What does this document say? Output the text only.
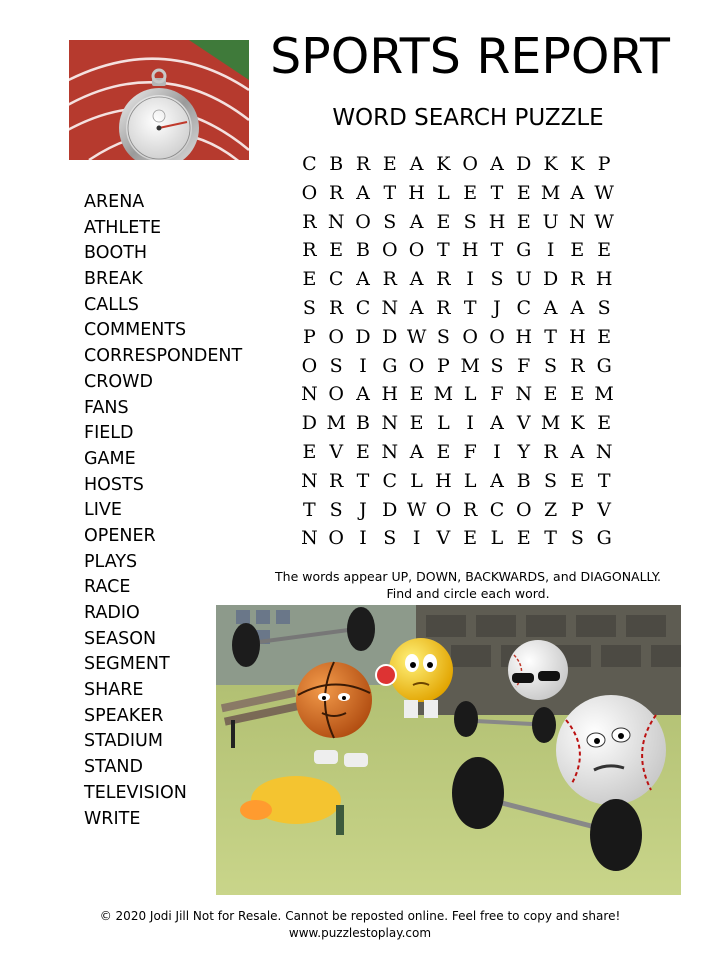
SPORTS REPORT
WORD SEARCH PUZZLE
ARENA
ATHLETE
BOOTH
BREAK
CALLS
COMMENTS
CORRESPONDENT
CROWD
FANS
FIELD
GAME
HOSTS
LIVE
OPENER
PLAYS
RACE
RADIO
SEASON
SEGMENT
SHARE
SPEAKER
STADIUM
STAND
TELEVISION
WRITE
C B R E A K O A D K K P
O R A T H L E T E M A W
R N O S A E S H E U N W
R E B O O T H T G I E E
E C A R A R I S U D R H
S R C N A R T J C A A S
P O D D W S O O H T H E
O S I G O P M S F S R G
N O A H E M L F N E E M
D M B N E L I A V M K E
E V E N A E F I Y R A N
N R T C L H L A B S E T
T S J D W O R C O Z P V
N O I S I V E L E T S G

The words appear UP, DOWN, BACKWARDS, and DIAGONALLY.

Find and circle each word.

© 2020 Jodi Jill Not for Resale. Cannot be reposted online. Feel free to copy and share!

www.puzzlestoplay.com
